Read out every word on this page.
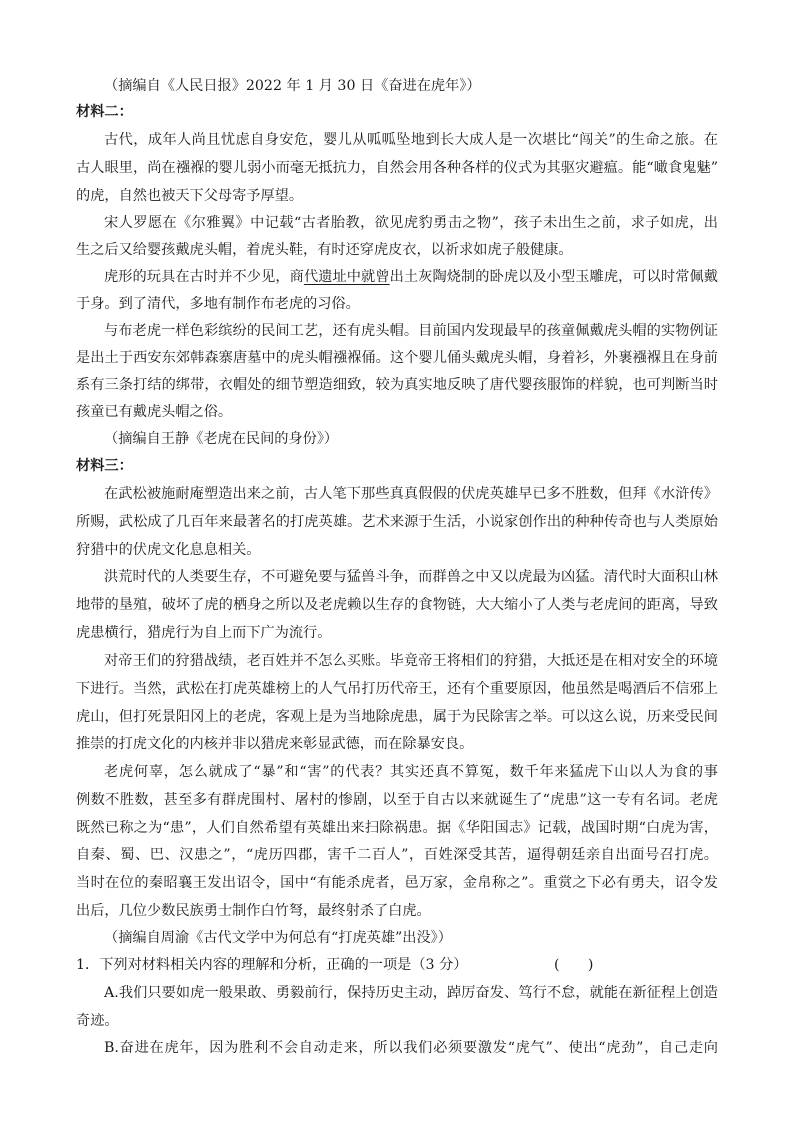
（摘编自《人民日报》2022 年 1 月 30 日《奋进在虎年》）
材料二：
古代，成年人尚且忧虑自身安危，婴儿从呱呱坠地到长大成人是一次堪比“闯关”的生命之旅。在
古人眼里，尚在襁褓的婴儿弱小而毫无抵抗力，自然会用各种各样的仪式为其驱灾避瘟。能“噉食鬼魅”
的虎，自然也被天下父母寄予厚望。
宋人罗愿在《尔雅翼》中记载“古者胎教，欲见虎豹勇击之物”，孩子未出生之前，求子如虎，出
生之后又给婴孩戴虎头帽，着虎头鞋，有时还穿虎皮衣，以祈求如虎子般健康。
虎形的玩具在古时并不少见，商代遗址中就曾出土灰陶烧制的卧虎以及小型玉雕虎，可以时常佩戴
于身。到了清代，多地有制作布老虎的习俗。
与布老虎一样色彩缤纷的民间工艺，还有虎头帽。目前国内发现最早的孩童佩戴虎头帽的实物例证
是出土于西安东郊韩森寨唐墓中的虎头帽襁褓俑。这个婴儿俑头戴虎头帽，身着衫，外裹襁褓且在身前
系有三条打结的绑带，衣帽处的细节塑造细致，较为真实地反映了唐代婴孩服饰的样貌，也可判断当时
孩童已有戴虎头帽之俗。
（摘编自王静《老虎在民间的身份》）
材料三：
在武松被施耐庵塑造出来之前，古人笔下那些真真假假的伏虎英雄早已多不胜数，但拜《水浒传》
所赐，武松成了几百年来最著名的打虎英雄。艺术来源于生活，小说家创作出的种种传奇也与人类原始
狩猎中的伏虎文化息息相关。
洪荒时代的人类要生存，不可避免要与猛兽斗争，而群兽之中又以虎最为凶猛。清代时大面积山林
地带的垦殖，破坏了虎的栖身之所以及老虎赖以生存的食物链，大大缩小了人类与老虎间的距离，导致
虎患横行，猎虎行为自上而下广为流行。
对帝王们的狩猎战绩，老百姓并不怎么买账。毕竟帝王将相们的狩猎，大抵还是在相对安全的环境
下进行。当然，武松在打虎英雄榜上的人气吊打历代帝王，还有个重要原因，他虽然是喝酒后不信邪上
虎山，但打死景阳冈上的老虎，客观上是为当地除虎患，属于为民除害之举。可以这么说，历来受民间
推崇的打虎文化的内核并非以猎虎来彰显武德，而在除暴安良。
老虎何辜，怎么就成了“暴”和“害”的代表？其实还真不算冤，数千年来猛虎下山以人为食的事
例数不胜数，甚至多有群虎围村、屠村的惨剧，以至于自古以来就诞生了“虎患”这一专有名词。老虎
既然已称之为“患”，人们自然希望有英雄出来扫除祸患。据《华阳国志》记载，战国时期“白虎为害，
自秦、蜀、巴、汉患之”，“虎历四郡，害千二百人”，百姓深受其苦，逼得朝廷亲自出面号召打虎。
当时在位的秦昭襄王发出诏令，国中“有能杀虎者，邑万家，金帛称之”。重赏之下必有勇夫，诏令发
出后，几位少数民族勇士制作白竹弩，最终射杀了白虎。
（摘编自周渝《古代文学中为何总有“打虎英雄”出没》）
1．下列对材料相关内容的理解和分析，正确的一项是（3 分）	(　　)
A.我们只要如虎一般果敢、勇毅前行，保持历史主动，踔厉奋发、笃行不怠，就能在新征程上创造
奇迹。
B.奋进在虎年，因为胜利不会自动走来，所以我们必须要激发“虎气”、使出“虎劲”，自己走向
